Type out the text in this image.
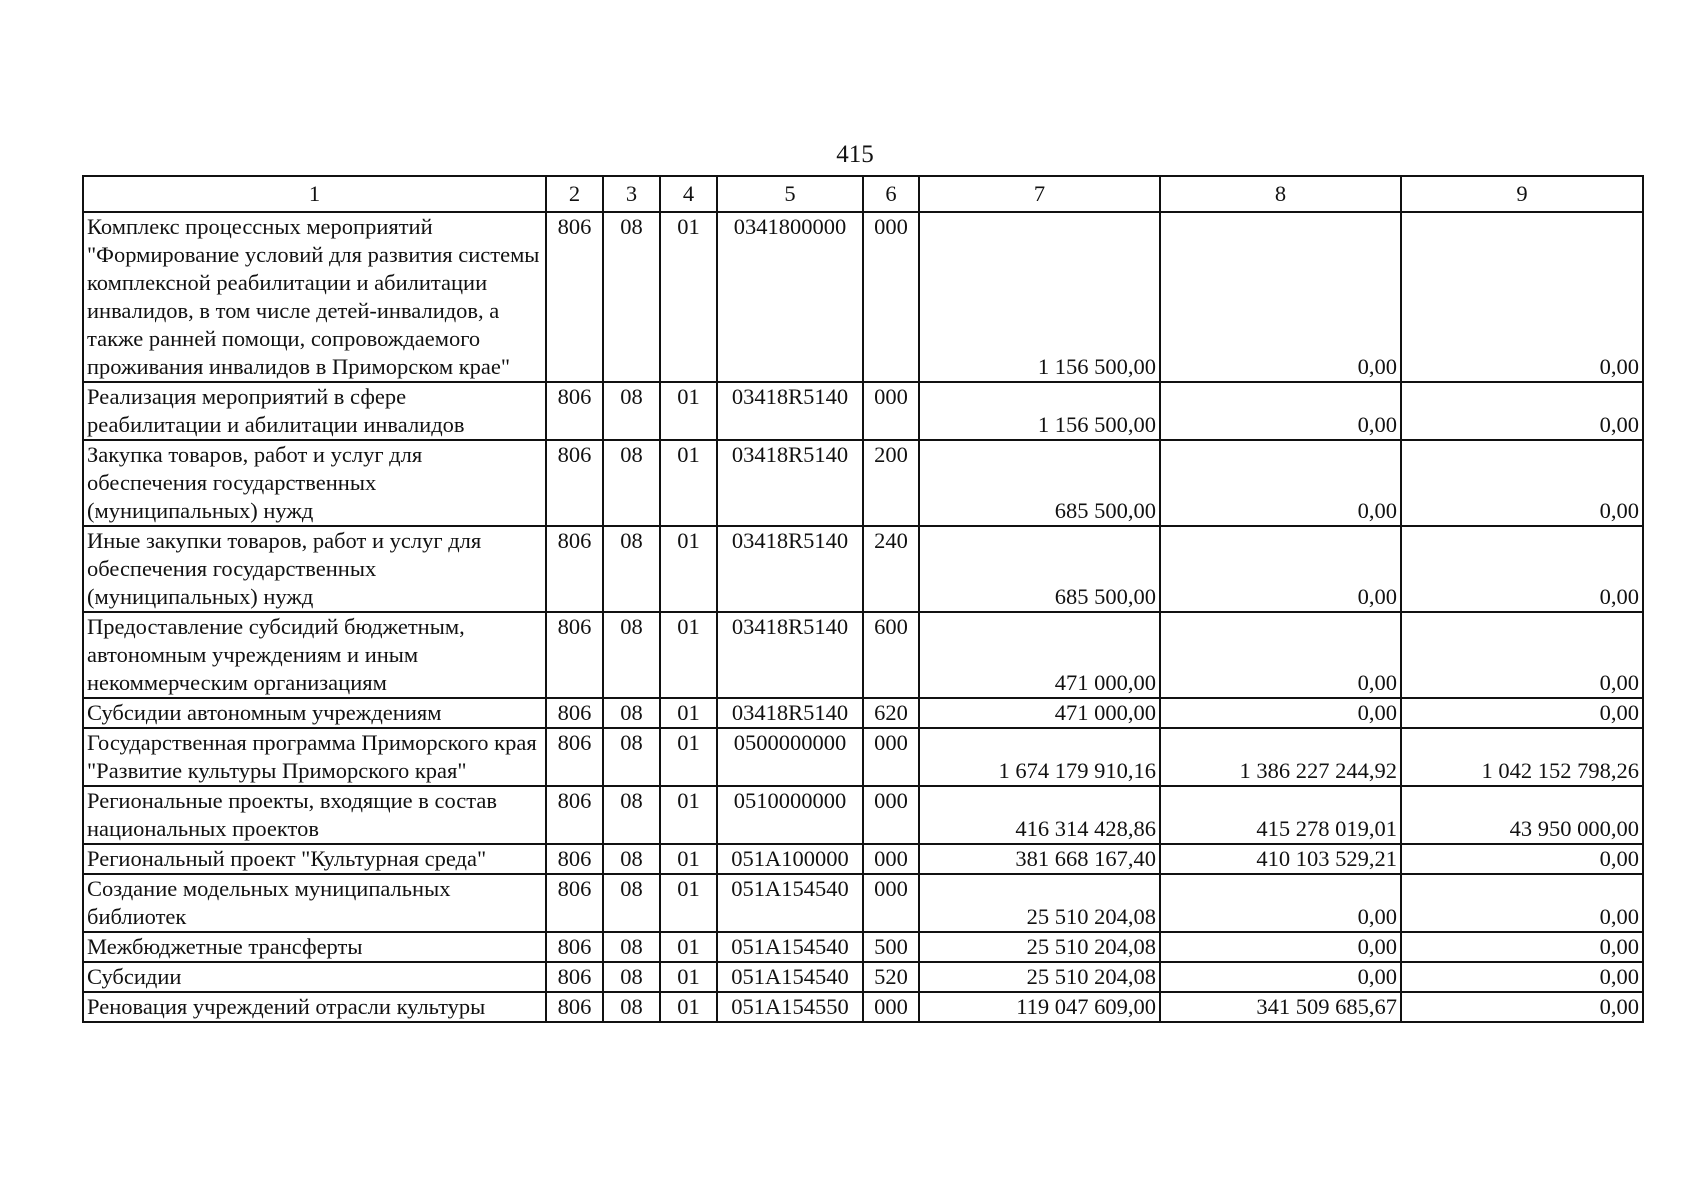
415
1	2	3	4	5	6	7	8	9
Комплекс процессных мероприятий "Формирование условий для развития системы комплексной реабилитации и абилитации инвалидов, в том числе детей-инвалидов, а также ранней помощи, сопровождаемого проживания инвалидов в Приморском крае"	806	08	01	0341800000	000	1 156 500,00	0,00	0,00
Реализация мероприятий в сфере реабилитации и абилитации инвалидов	806	08	01	03418R5140	000	1 156 500,00	0,00	0,00
Закупка товаров, работ и услуг для обеспечения государственных (муниципальных) нужд	806	08	01	03418R5140	200	685 500,00	0,00	0,00
Иные закупки товаров, работ и услуг для обеспечения государственных (муниципальных) нужд	806	08	01	03418R5140	240	685 500,00	0,00	0,00
Предоставление субсидий бюджетным, автономным учреждениям и иным некоммерческим организациям	806	08	01	03418R5140	600	471 000,00	0,00	0,00
Субсидии автономным учреждениям	806	08	01	03418R5140	620	471 000,00	0,00	0,00
Государственная программа Приморского края "Развитие культуры Приморского края"	806	08	01	0500000000	000	1 674 179 910,16	1 386 227 244,92	1 042 152 798,26
Региональные проекты, входящие в состав национальных проектов	806	08	01	0510000000	000	416 314 428,86	415 278 019,01	43 950 000,00
Региональный проект "Культурная среда"	806	08	01	051A100000	000	381 668 167,40	410 103 529,21	0,00
Создание модельных муниципальных библиотек	806	08	01	051A154540	000	25 510 204,08	0,00	0,00
Межбюджетные трансферты	806	08	01	051A154540	500	25 510 204,08	0,00	0,00
Субсидии	806	08	01	051A154540	520	25 510 204,08	0,00	0,00
Реновация учреждений отрасли культуры	806	08	01	051A154550	000	119 047 609,00	341 509 685,67	0,00
